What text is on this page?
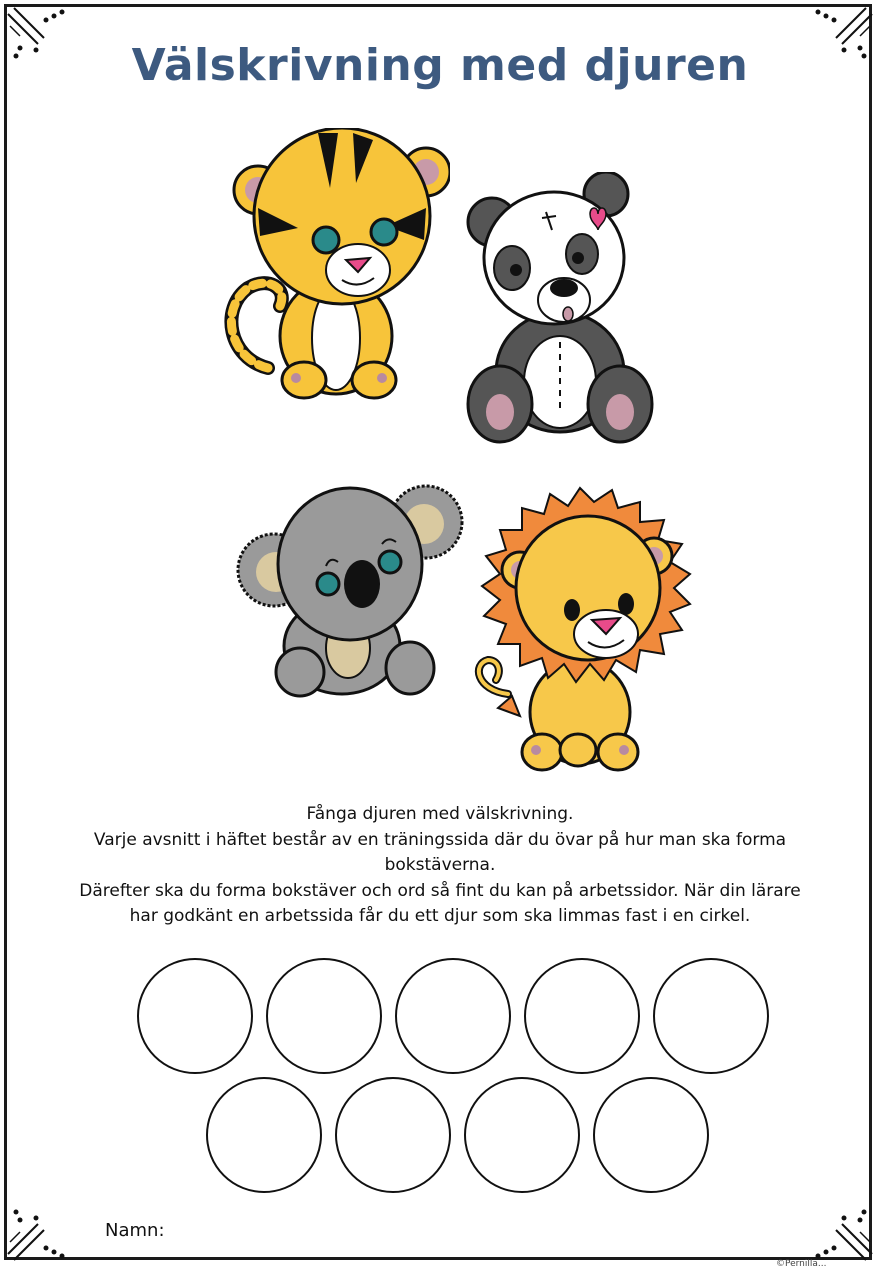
Välskrivning med djuren
Fånga djuren med välskrivning.
Varje avsnitt i häftet består av en träningssida där du övar på hur man ska forma
bokstäverna.
Därefter ska du forma bokstäver och ord så fint du kan på arbetssidor. När din lärare
har godkänt en arbetssida får du ett djur som ska limmas fast i en cirkel.
Namn:
©Pernilla...
